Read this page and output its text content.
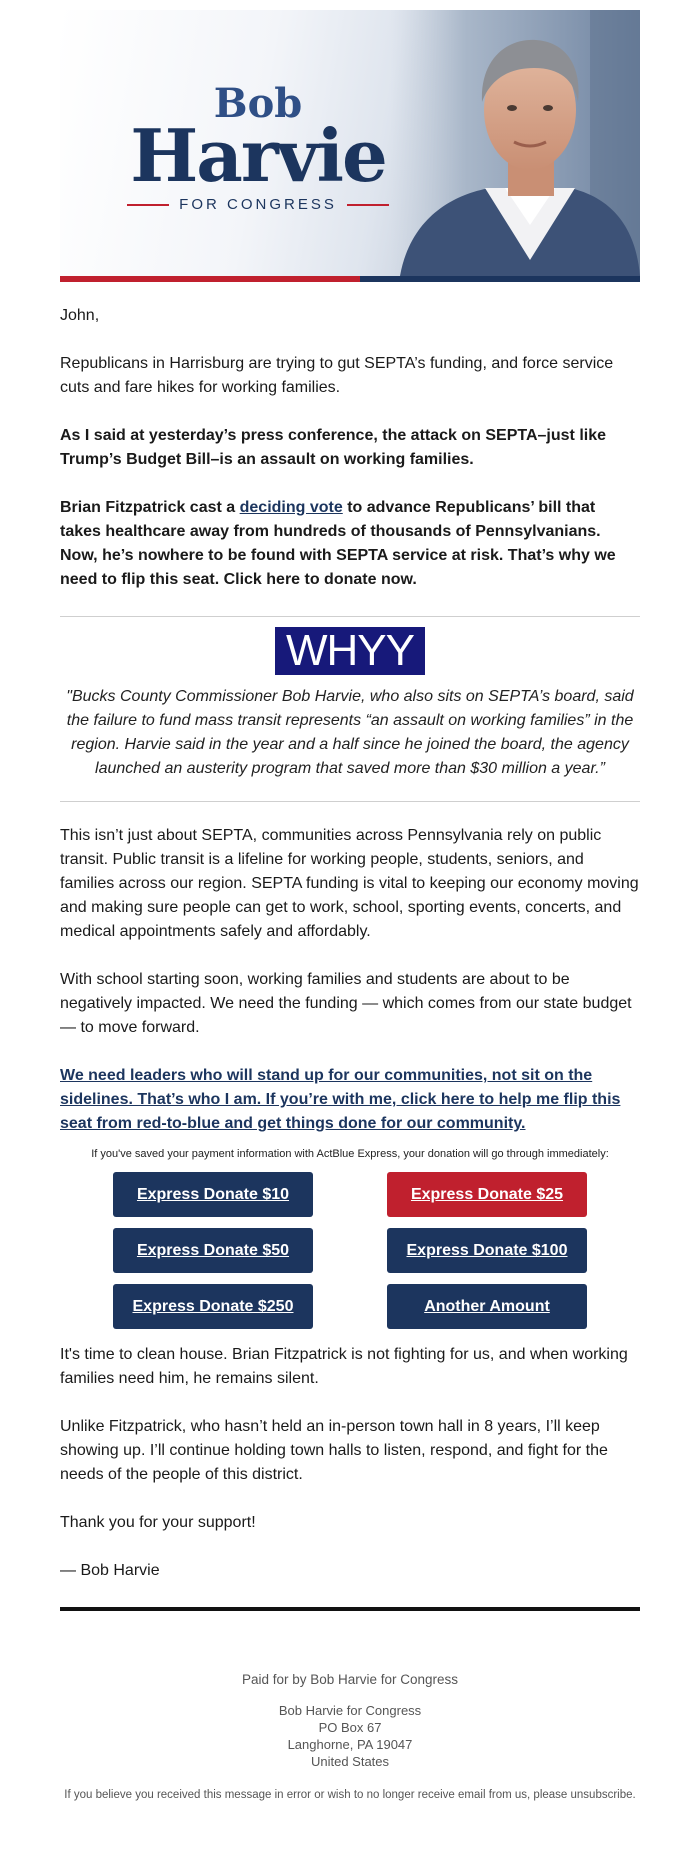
Bob
Harvie
FOR CONGRESS

John,

Republicans in Harrisburg are trying to gut SEPTA’s funding, and force service cuts and fare hikes for working families.

As I said at yesterday’s press conference, the attack on SEPTA–just like Trump’s Budget Bill–is an assault on working families.

Brian Fitzpatrick cast a deciding vote to advance Republicans’ bill that takes healthcare away from hundreds of thousands of Pennsylvanians. Now, he’s nowhere to be found with SEPTA service at risk. That’s why we need to flip this seat. Click here to donate now.

WHYY

"Bucks County Commissioner Bob Harvie, who also sits on SEPTA’s board, said the failure to fund mass transit represents “an assault on working families” in the region. Harvie said in the year and a half since he joined the board, the agency launched an austerity program that saved more than $30 million a year.”

This isn’t just about SEPTA, communities across Pennsylvania rely on public transit. Public transit is a lifeline for working people, students, seniors, and families across our region. SEPTA funding is vital to keeping our economy moving and making sure people can get to work, school, sporting events, concerts, and medical appointments safely and affordably.

With school starting soon, working families and students are about to be negatively impacted. We need the funding — which comes from our state budget — to move forward.

We need leaders who will stand up for our communities, not sit on the sidelines. That’s who I am. If you’re with me, click here to help me flip this seat from red-to-blue and get things done for our community.

If you've saved your payment information with ActBlue Express, your donation will go through immediately:

Express Donate $10	Express Donate $25
Express Donate $50	Express Donate $100
Express Donate $250	Another Amount

It's time to clean house. Brian Fitzpatrick is not fighting for us, and when working families need him, he remains silent.

Unlike Fitzpatrick, who hasn’t held an in-person town hall in 8 years, I’ll keep showing up. I’ll continue holding town halls to listen, respond, and fight for the needs of the people of this district.

Thank you for your support!

— Bob Harvie

Paid for by Bob Harvie for Congress
Bob Harvie for Congress
PO Box 67
Langhorne, PA 19047
United States
If you believe you received this message in error or wish to no longer receive email from us, please unsubscribe.
